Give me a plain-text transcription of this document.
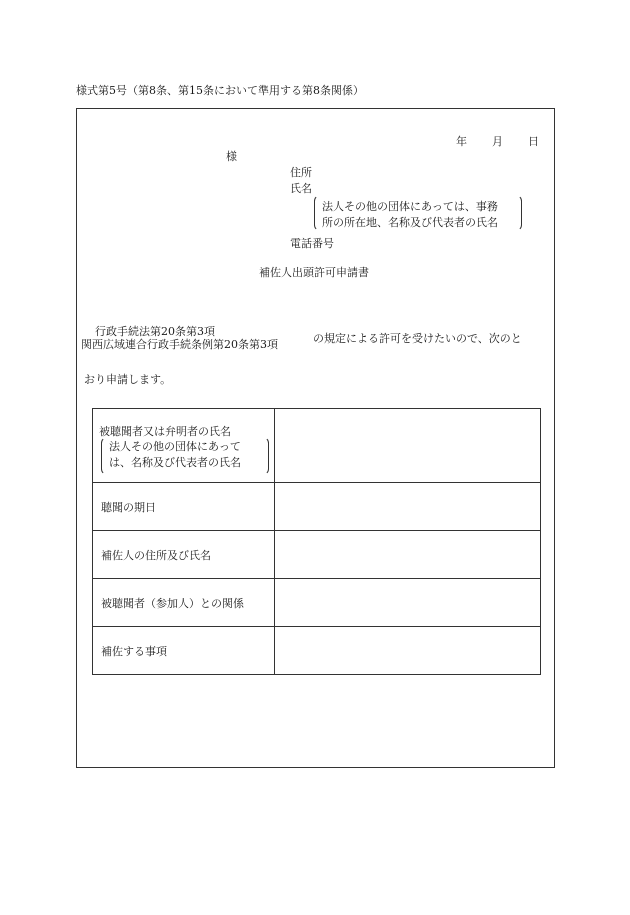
様式第5号（第8条、第15条において準用する第8条関係）
年 月 日
様
住所
氏名
法人その他の団体にあっては、事務
所の所在地、名称及び代表者の氏名
電話番号
補佐人出頭許可申請書
行政手続法第20条第3項
関西広域連合行政手続条例第20条第3項	の規定による許可を受けたいので、次のと
おり申請します。
被聴聞者又は弁明者の氏名
法人その他の団体にあって
は、名称及び代表者の氏名	

聴聞の期日	
補佐人の住所及び氏名	
被聴聞者（参加人）との関係	
補佐する事項	
